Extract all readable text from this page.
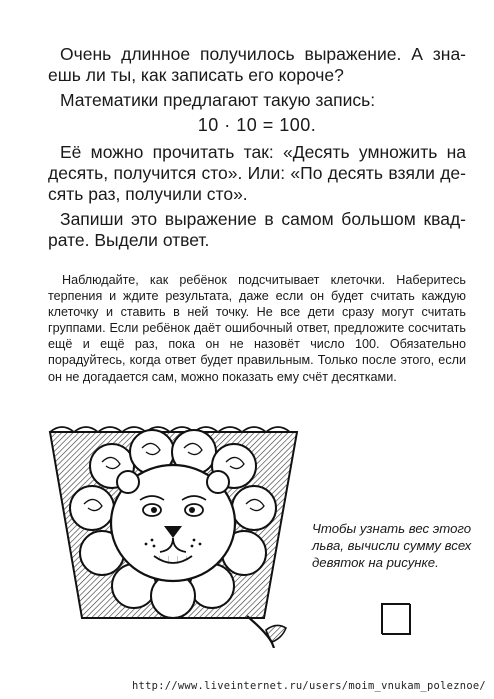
Очень длинное получилось выражение. А знаешь ли ты, как записать его короче?

Математики предлагают такую запись:

10 · 10 = 100.

Её можно прочитать так: «Десять умножить на десять, получится сто». Или: «По десять взяли десять раз, получили сто».

Запиши это выражение в самом большом квадрате. Выдели ответ.

Наблюдайте, как ребёнок подсчитывает клеточки. Наберитесь терпения и ждите результата, даже если он будет считать каждую клеточку и ставить в ней точку. Не все дети сразу могут считать группами. Если ребёнок даёт ошибочный ответ, предложите сосчитать ещё и ещё раз, пока он не назовёт число 100. Обязательно порадуйтесь, когда ответ будет правильным. Только после этого, если он не догадается сам, можно показать ему счёт десятками.
Чтобы узнать вес этого льва, вычисли сумму всех девяток на рисунке.
http://www.liveinternet.ru/users/moim_vnukam_poleznoe/
